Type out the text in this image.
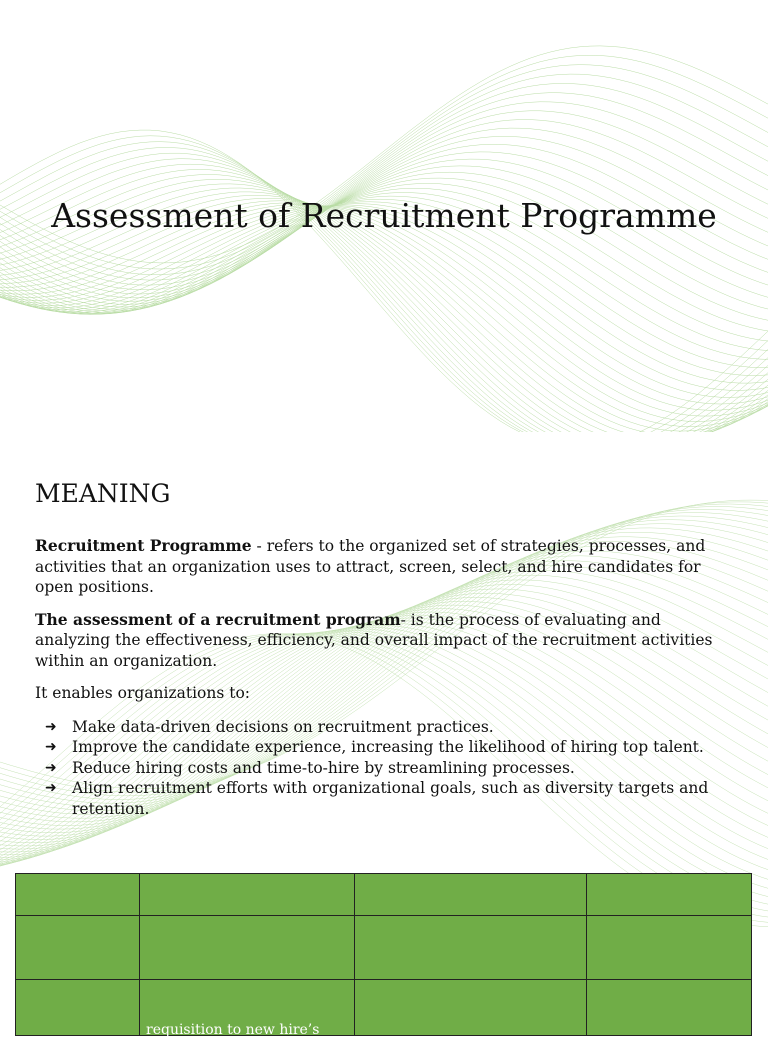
Assessment of Recruitment Programme
MEANING

Recruitment Programme - refers to the organized set of strategies, processes, and activities that an organization uses to attract, screen, select, and hire candidates for open positions.

The assessment of a recruitment program- is the process of evaluating and analyzing the effectiveness, efficiency, and overall impact of the recruitment activities within an organization.

It enables organizations to:

➜ Make data-driven decisions on recruitment practices.
➜ Improve the candidate experience, increasing the likelihood of hiring top talent.
➜ Reduce hiring costs and time-to-hire by streamlining processes.
➜ Align recruitment efforts with organizational goals, such as diversity targets and retention.

	requisition to new hire’s		
